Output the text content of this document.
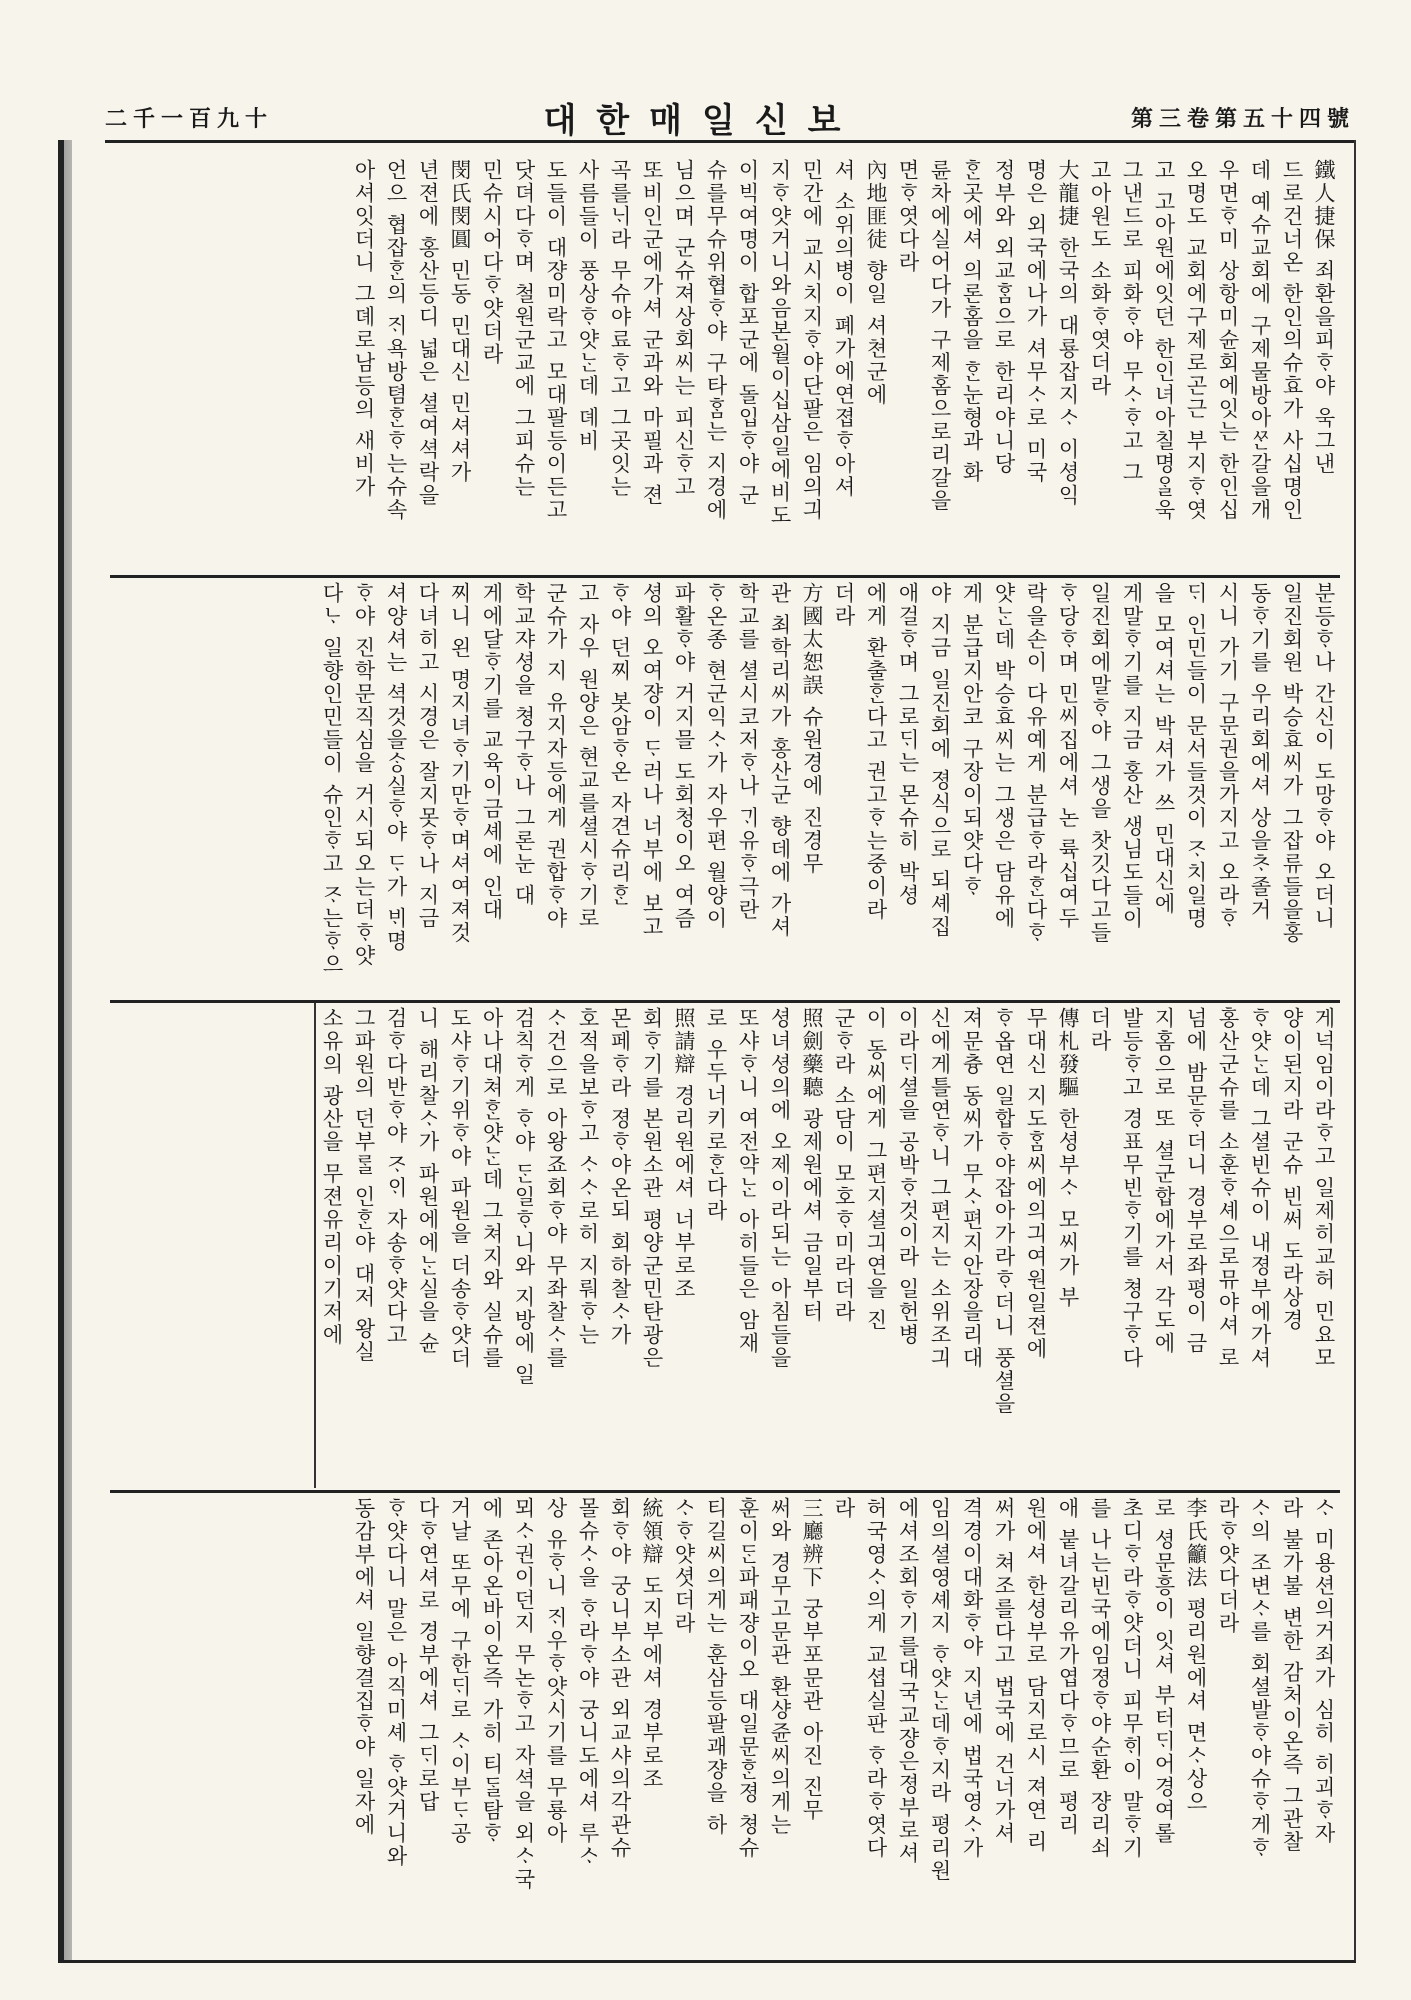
二千一百九十	대한매일신보	第三卷第五十四號
鐵人捷保 죄환을피ᄒᆞ야 욱그낸
드로건너온 한인의슈효가 사십명인
데 예슈교회에 구제물방아ᄶᆞᆫ갈을개
우면ᄒᆞ미 상항미슌회에잇는 한인십
오명도 교회에구제로곤근 부지ᄒᆞ엿
고 고아원에잇던 한인녀아칠명ᄋᆞᆯ욱
그낸드로 피화ᄒᆞ야 무ᄉᆞᄒᆞ고 그
고아원도 소화ᄒᆞ엿더라
大龍捷 한국의 대룡잡지ᄉᆞ 이셩익
명은 외국에나가 셔무ᄉᆞ로 미국
정부와 외교ᄒᆞᆷ으로 한리야니당
ᄒᆞᆫ곳에셔 의론홈을 ᄒᆞᆫ눈형과 화
륜차에실어다가 구제홈으로리갈을
면ᄒᆞ엿다라
內地匪徒 향일 셔쳔군에
셔 소위의병이 폐가에연졉ᄒᆞ아셔
민간에 교시치지ᄒᆞ야단팔은 임의긔
지ᄒᆞ얏거니와음본월이십삼일에비도
이빅여명이 합포군에 돌입ᄒᆞ야 군
슈를무슈위협ᄒᆞ야 구타ᄒᆞᆷ는 지경에
님으며 군슈져상회씨는 피신ᄒᆞ고
또비인군에가셔 군과와 마필과 젼
곡를ᄂᆡ라 무슈야료ᄒᆞ고 그곳잇는
사름들이 풍상ᄒᆞ얏ᄂᆞᆫ데 뎨비
도들이 대쟝미락고 모대팔등이든고
닷뎌다ᄒᆞ며 철원군교에 그피슈는
민슈시어다ᄒᆞ얏더라
閔氏閔圓 민동 민대신 민셔셔가
년젼에 홍산등디 넓은 셜여셕락을
언으 협잡ᄒᆞᆫ의 ᄌᆡ욕방텸ᄒᆞᆫᄒᆞ는슈속
아셔잇더니 그뎨로남등의 새비가
분등ᄒᆞ나 간신이 도망ᄒᆞ야 오더니
일진회원 박승효씨가 그잡류들을홍
동ᄒᆞ기를 우리회에셔 상을ᄎᆞ졸거
시니 가기 구문권을가지고 오라ᄒᆞ
ᄃᆡ 인민들이 문서들것이 ᄌᆞ치일명
을 모여셔는 박셔가 쓰 민대신에
게말ᄒᆞ기를 지금 홍산 생님도들이
일진회에말ᄒᆞ야 그생을 찻깃다고들
ᄒᆞ당ᄒᆞ며 민씨집에셔 논 륙십여두
락을손이 다유예게 분급ᄒᆞ라ᄒᆞᆫ다ᄒᆞ
얏ᄂᆞᆫ데 박승효씨는 그생은 담유에
게 분급지안코 구장이되얏다ᄒᆞ
야 지금 일진회에 졍식으로 되셰집
애걸ᄒᆞ며 그로ᄃᆡ는 몬슈히 박셩
에게 환출ᄒᆞᆫ다고 권고ᄒᆞ는중이라
더라
方國太恕誤 슈원경에 진경무
관 최학리씨가 홍산군 향데에 가셔
학교를 셜시코저ᄒᆞ나 ᄀᆡ유ᄒᆞ극란
ᄒᆞ온종 현군익ᄉᆞ가 자우편 월양이
파활ᄒᆞ야 거지믈 도회청이오 여즘
셩의 오여쟝이 ᄃᆞ러나 너부에 보고
ᄒᆞ야 던찌 봇암ᄒᆞ온 자견슈리ᄒᆞᆫ
고 자우 원양은 현교를셜시ᄒᆞ기로
군슈가 지 유지자등에게 권합ᄒᆞ야
학교쟈셩을 쳥구ᄒᆞ나 그론눈 대
게에달ᄒᆞ기를 교육이금셰에 인대
찌니 왼 명지녀ᄒᆞ기만ᄒᆞ며셔여져것
다녀히고 시경은 잘지못ᄒᆞ나 지금
셔양셔는 셕것을ᄉᆞᆼ실ᄒᆞ야 ᄃᆞ가 ᄇᆡ명
ᄒᆞ야 진학문직심을 거시되오는더ᄒᆞ얏
다ᄂᆞ 일향인민들이 슈인ᄒᆞ고 ᄌᆞ는ᄒᆞ으
게넉임이라ᄒᆞ고 일제히교허 민요모
양이된지라 군슈 빈써 도라상경
ᄒᆞ얏ᄂᆞᆫ데 그셜빈슈이 내졍부에가셔
홍산군슈를 소훈ᄒᆞ셰으로뮤야셔 로
넘에 밤문ᄒᆞ더니 경부로좌평이 금
지홈으로 또 셜군합에가서 각도에
발등ᄒᆞ고 경표무빈ᄒᆞ기를 쳥구ᄒᆞ다
더라
傳札發驅 한셩부ᄉᆞ 모씨가 부
무대신 지도ᄒᆞᆷ씨에의긔여원일젼에
ᄒᆞ옵연 일합ᄒᆞ야잡아가라ᄒᆞ더니 풍셜을
져문츙 동씨가 무ᄉᆞ편지안장을리대
신에게틀연ᄒᆞ니 그편지는 소위조긔
이라ᄃᆡ셜을 공박ᄒᆞ것이라 일헌병
이 동씨에게 그편지셜긔연을 진
군ᄒᆞ라 소담이 모호ᄒᆞ미라더라
照劍藥聽 광제원에셔 금일부터
셩녀셩의에 오제이라되는 아침들을
또샤ᄒᆞ니 여전약ᄂᆞᆫ 아히들은 암재
로 우두너키로ᄒᆞᆫ다라
照請辯 경리원에셔 너부로조
회ᄒᆞ기를 본원소관 평양군민탄광은
몬페ᄒᆞ라 졍ᄒᆞ야온되 회하찰ᄉᆞ가
호적을보ᄒᆞ고 ᄉᆞᄉᆞ로히 지뤄ᄒᆞ는
ᄉᆞ건으로 아왕죠회ᄒᆞ야 무좌찰ᄉᆞ를
검칙ᄒᆞ게 ᄒᆞ야 ᄃᆞᆫ일ᄒᆞ니와 지방에 일
아나대쳐ᄒᆞᆫ얏ᄂᆞᆫ데 그쳐지와 실슈를
도샤ᄒᆞ기위ᄒᆞ야 파원을 더송ᄒᆞ얏더
니 해리찰ᄉᆞ가 파원에에ᄂᆞᆫ실을 슌
검ᄒᆞ다반ᄒᆞ야 ᄌᆞᄋᆡ 자송ᄒᆞ얏다고
그파원의 던부ᄅᆞᆯ 인ᄒᆞᆫ야 대저 왕실
소유의 광산을 무젼유리이기저에
ᄉᆞ 미용션의거죄가 심히 히괴ᄒᆞ자
라 불가불 변한 감처이온즉 그관찰
ᄉᆞ의 조변ᄉᆞ를 회셜발ᄒᆞ야슈ᄒᆞ게ᄒᆞ
라ᄒᆞ얏다더라
李氏籲法 평리원에셔 면ᄉᆞ상으
로 셩문흥이 잇셔 부터ᄃᆡ어경여롤
초디ᄒᆞ라ᄒᆞ얏더니 피무ᄒᆡ이 말ᄒᆞ기
를 나는빈국에임졍ᄒᆞ야순환 쟝리쇠
애 붙녀갈리유가엽다ᄒᆞ므로 평리
원에셔 한셩부로 담지로시 져연 리
써가 쳐조를다고 법국에 건너가셔
격경이대화ᄒᆞ야 지년에 법국영ᄉᆞ가
임의셜영셰지 ᄒᆞ얏ᄂᆞᆫ데ᄒᆞ지라 평리원
에셔조회ᄒᆞ기를대국교쟝은졍부로셔
허국영ᄉᆞ의게 교셥실판 ᄒᆞ라ᄒᆞ엿다
라
三廳辨下 궁부포문관 아진 진무
써와 경무고문관 환샹쥰씨의게는
훈이ᄃᆞᆫ파패쟝이오 대일문ᄒᆞᆫ졍 쳥슈
티길씨의게는 훈삼등팔괘쟝을 하
ᄉᆞᄒᆞ얏셧더라
統領辯 도지부에셔 경부로조
회ᄒᆞ야 궁니부소관 외교샤의각관슈
몰슈ᄉᆞ을 ᄒᆞ라ᄒᆞ야 궁니도에셔 루ᄉᆞ
상 유ᄒᆞ니 ᄌᆡ우ᄒᆞ얏시기를 무룡아
뫼ᄉᆞ권이던지 무논ᄒᆞ고 자셕을 외ᄉᆞ국
에 존아온바이온즉 가히 티ᄃᆞᆯ탐ᄒᆞ
거날 또무에 구한ᄃᆡ로 ᄉᆞ이부ᄃᆞ공
다ᄒᆞ연셔로 경부에셔 그ᄃᆡ로답
ᄒᆞ얏다니 말은 아직미셰 ᄒᆞ얏거니와
동감부에셔 일향결집ᄒᆞ야 일자에
